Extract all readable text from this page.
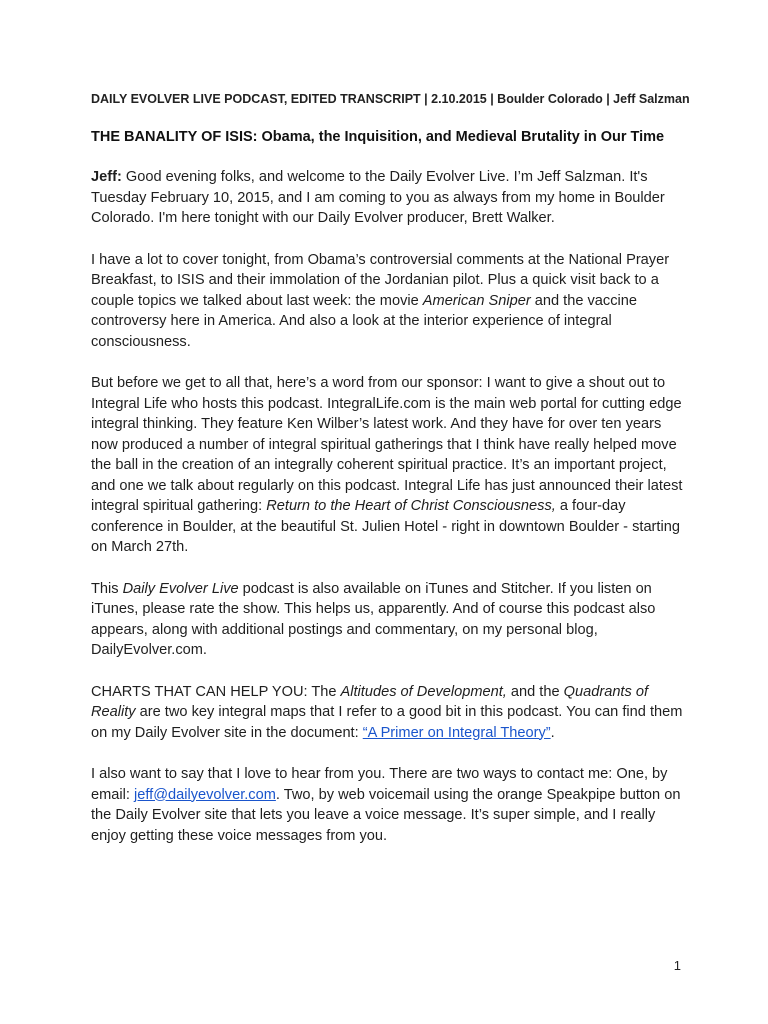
DAILY EVOLVER LIVE PODCAST, EDITED TRANSCRIPT | 2.10.2015 | Boulder Colorado | Jeff Salzman
THE BANALITY OF ISIS: Obama, the Inquisition, and Medieval Brutality in Our Time

Jeff: Good evening folks, and welcome to the Daily Evolver Live. I’m Jeff Salzman. It's Tuesday February 10, 2015, and I am coming to you as always from my home in Boulder Colorado. I'm here tonight with our Daily Evolver producer, Brett Walker.

I have a lot to cover tonight, from Obama’s controversial comments at the National Prayer Breakfast, to ISIS and their immolation of the Jordanian pilot. Plus a quick visit back to a couple topics we talked about last week: the movie American Sniper and the vaccine controversy here in America. And also a look at the interior experience of integral consciousness.

But before we get to all that, here’s a word from our sponsor: I want to give a shout out to Integral Life who hosts this podcast. IntegralLife.com is the main web portal for cutting edge integral thinking. They feature Ken Wilber’s latest work. And they have for over ten years now produced a number of integral spiritual gatherings that I think have really helped move the ball in the creation of an integrally coherent spiritual practice. It’s an important project, and one we talk about regularly on this podcast. Integral Life has just announced their latest integral spiritual gathering: Return to the Heart of Christ Consciousness, a four-day conference in Boulder, at the beautiful St. Julien Hotel - right in downtown Boulder - starting on March 27th.

This Daily Evolver Live podcast is also available on iTunes and Stitcher. If you listen on iTunes, please rate the show. This helps us, apparently. And of course this podcast also appears, along with additional postings and commentary, on my personal blog, DailyEvolver.com.

CHARTS THAT CAN HELP YOU: The Altitudes of Development, and the Quadrants of Reality are two key integral maps that I refer to a good bit in this podcast. You can find them on my Daily Evolver site in the document: “A Primer on Integral Theory”.

I also want to say that I love to hear from you. There are two ways to contact me: One, by email: jeff@dailyevolver.com. Two, by web voicemail using the orange Speakpipe button on the Daily Evolver site that lets you leave a voice message. It’s super simple, and I really enjoy getting these voice messages from you.

1
